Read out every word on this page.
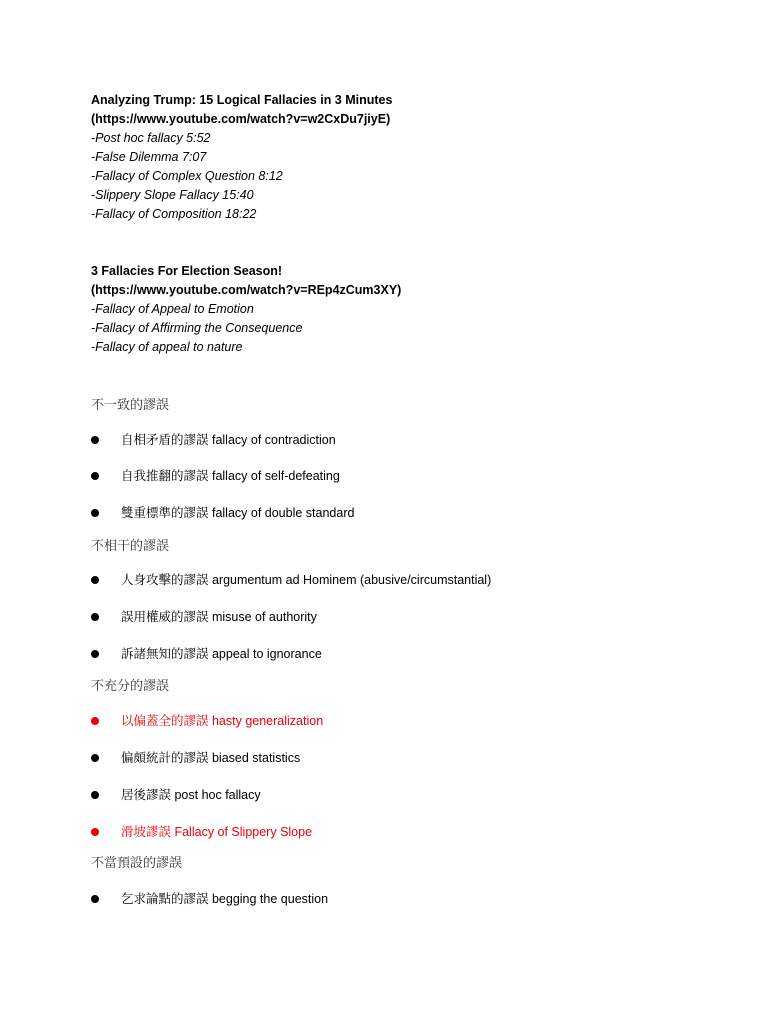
Analyzing Trump: 15 Logical Fallacies in 3 Minutes
(https://www.youtube.com/watch?v=w2CxDu7jiyE)
-Post hoc fallacy 5:52
-False Dilemma 7:07
-Fallacy of Complex Question 8:12
-Slippery Slope Fallacy 15:40
-Fallacy of Composition 18:22
3 Fallacies For Election Season!
(https://www.youtube.com/watch?v=REp4zCum3XY)
-Fallacy of Appeal to Emotion
-Fallacy of Affirming the Consequence
-Fallacy of appeal to nature
不一致的謬誤
自相矛盾的謬誤 fallacy of contradiction
自我推翻的謬誤 fallacy of self-defeating
雙重標準的謬誤 fallacy of double standard
不相干的謬誤
人身攻擊的謬誤 argumentum ad Hominem (abusive/circumstantial)
誤用權威的謬誤 misuse of authority
訴諸無知的謬誤 appeal to ignorance
不充分的謬誤
以偏蓋全的謬誤 hasty generalization
偏頗統計的謬誤 biased statistics
居後謬誤 post hoc fallacy
滑坡謬誤 Fallacy of Slippery Slope
不當預設的謬誤
乞求論點的謬誤 begging the question
